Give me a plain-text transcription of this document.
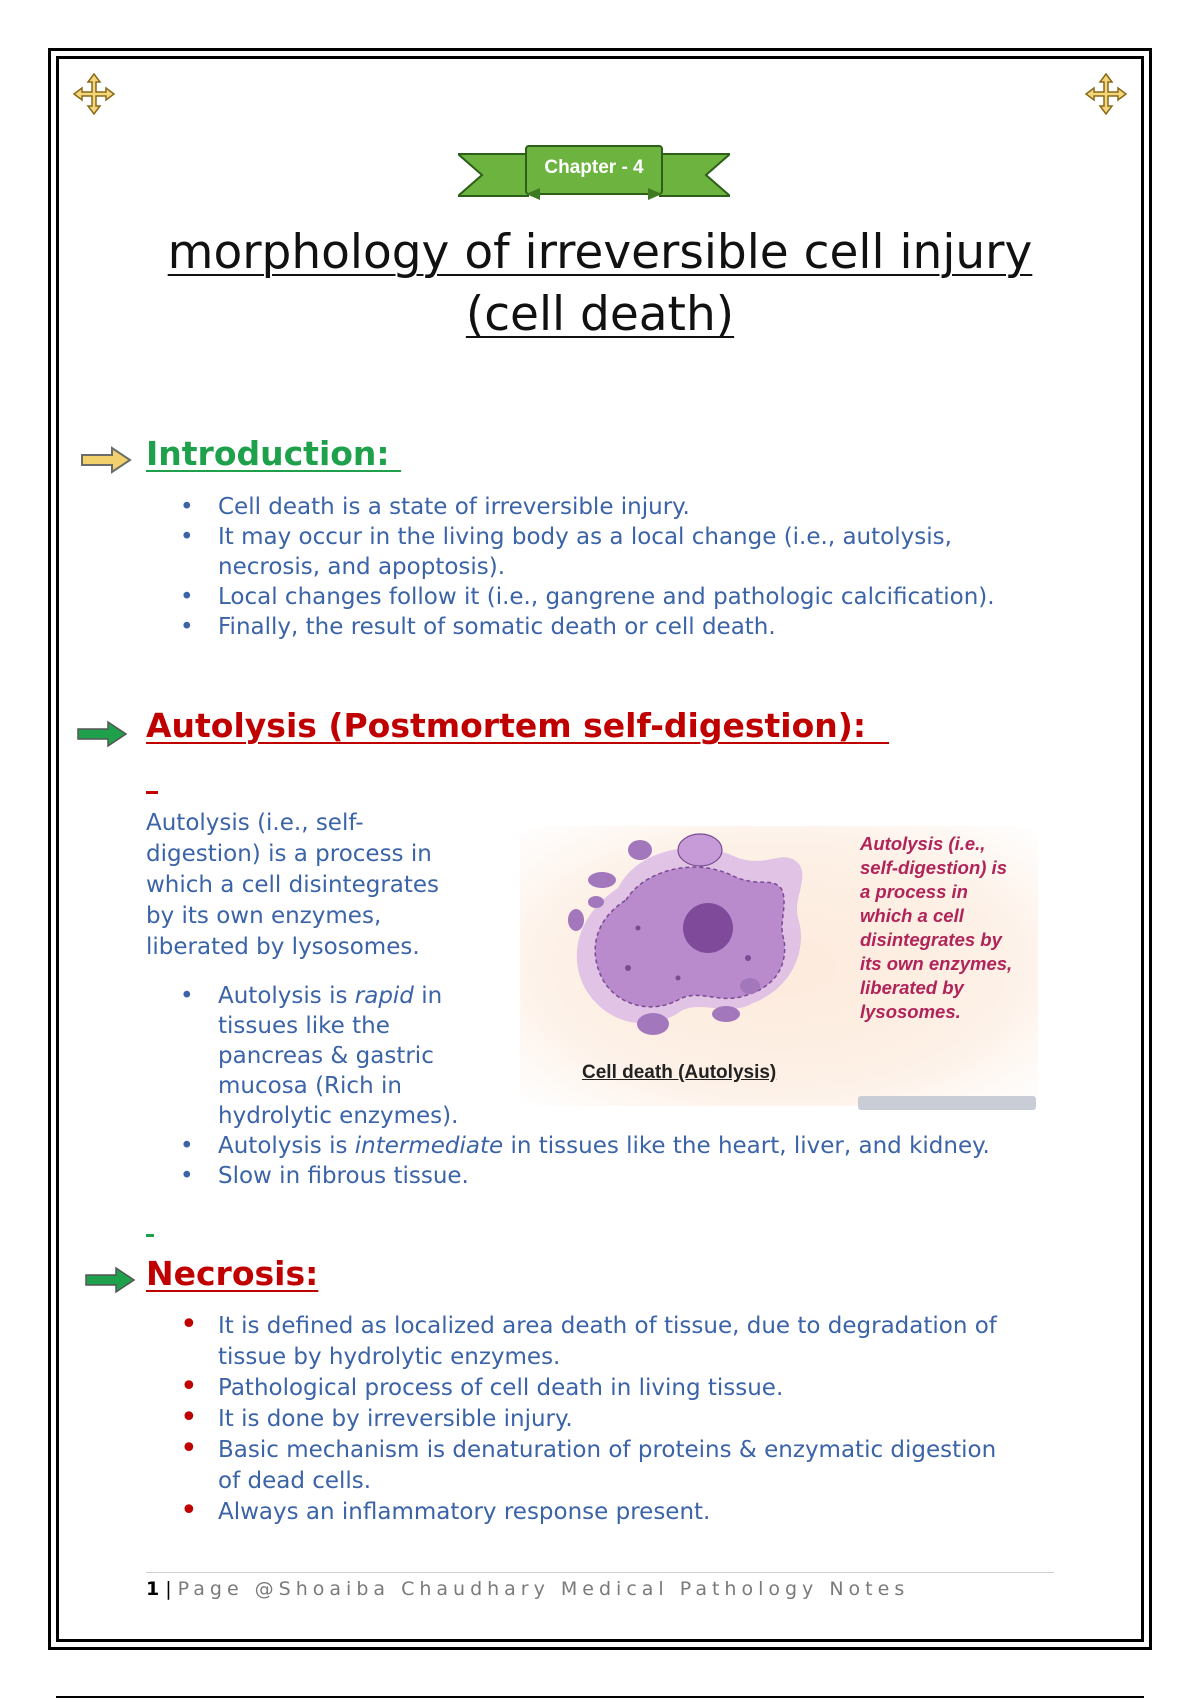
Chapter - 4
morphology of irreversible cell injury
(cell death)
Introduction:
• Cell death is a state of irreversible injury.
• It may occur in the living body as a local change (i.e., autolysis,
necrosis, and apoptosis).
• Local changes follow it (i.e., gangrene and pathologic calcification).
• Finally, the result of somatic death or cell death.
Autolysis (Postmortem self-digestion):

Autolysis (i.e., self-
digestion) is a process in
which a cell disintegrates
by its own enzymes,
liberated by lysosomes.

• Autolysis is rapid in
tissues like the
pancreas & gastric
mucosa (Rich in
hydrolytic enzymes).
• Autolysis is intermediate in tissues like the heart, liver, and kidney.
• Slow in fibrous tissue.
Cell death (Autolysis)

Autolysis (i.e.,
self-digestion) is
a process in
which a cell
disintegrates by
its own enzymes,
liberated by
lysosomes.

Necrosis:
• It is defined as localized area death of tissue, due to degradation of
tissue by hydrolytic enzymes.
• Pathological process of cell death in living tissue.
• It is done by irreversible injury.
• Basic mechanism is denaturation of proteins & enzymatic digestion
of dead cells.
• Always an inflammatory response present.
1 | Page @Shoaiba Chaudhary Medical Pathology Notes
